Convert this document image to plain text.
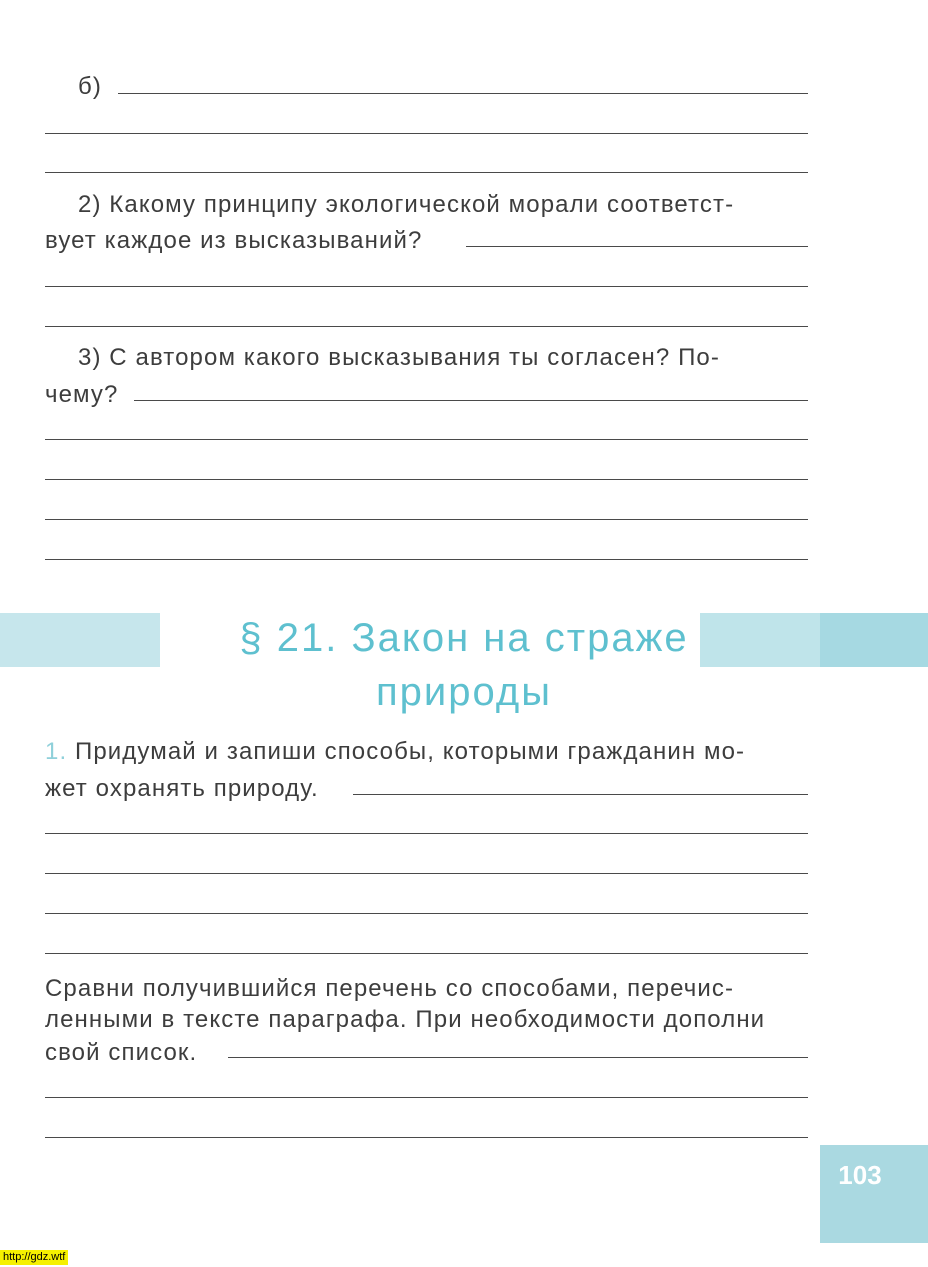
б)
2) Какому принципу экологической морали соответст-
вует каждое из высказываний?
3) С автором какого высказывания ты согласен? По-
чему?
§ 21. Закон на страже
природы
1. Придумай и запиши способы, которыми гражданин мо-
жет охранять природу.
Сравни получившийся перечень со способами, перечис-
ленными в тексте параграфа. При необходимости дополни
свой список.
103
http://gdz.wtf
